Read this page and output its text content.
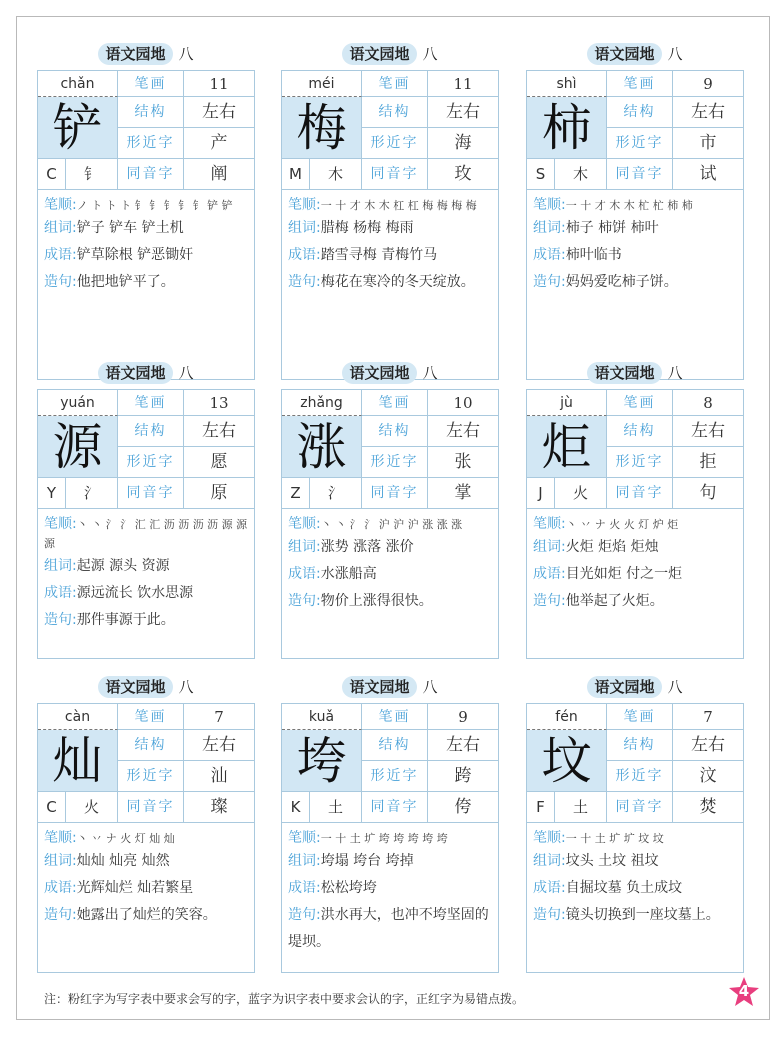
语文园地 八
chǎn
铲
C	钅
笔画	11
结构	左右
形近字	产
同音字	阐
笔顺:ノ ト ト ト 钅 钅 钅 钅 钅 铲 铲
组词:铲子 铲车 铲土机
成语:铲草除根 铲恶锄奸
造句:他把地铲平了。
语文园地 八
méi
梅
M	木
笔画	11
结构	左右
形近字	海
同音字	玫
笔顺:一 十 才 木 木 杠 杠 梅 梅 梅 梅
组词:腊梅 杨梅 梅雨
成语:踏雪寻梅 青梅竹马
造句:梅花在寒冷的冬天绽放。
语文园地 八
shì
柿
S	木
笔画	9
结构	左右
形近字	市
同音字	试
笔顺:一 十 才 木 木 杧 杧 柿 柿
组词:柿子 柿饼 柿叶
成语:柿叶临书
造句:妈妈爱吃柿子饼。
语文园地 八
yuán
源
Y	氵
笔画	13
结构	左右
形近字	愿
同音字	原
笔顺:丶 丶 氵 氵 汇 汇 沥 沥 沥 沥 源 源 源
组词:起源 源头 资源
成语:源远流长 饮水思源
造句:那件事源于此。
语文园地 八
zhǎng
涨
Z	氵
笔画	10
结构	左右
形近字	张
同音字	掌
笔顺:丶 丶 氵 氵 沪 沪 沪 涨 涨 涨
组词:涨势 涨落 涨价
成语:水涨船高
造句:物价上涨得很快。
语文园地 八
jù
炬
J	火
笔画	8
结构	左右
形近字	拒
同音字	句
笔顺:丶 丷 ナ 火 火 灯 炉 炬
组词:火炬 炬焰 炬烛
成语:目光如炬 付之一炬
造句:他举起了火炬。
语文园地 八
càn
灿
C	火
笔画	7
结构	左右
形近字	汕
同音字	璨
笔顺:丶 丷 ナ 火 灯 灿 灿
组词:灿灿 灿亮 灿然
成语:光辉灿烂 灿若繁星
造句:她露出了灿烂的笑容。
语文园地 八
kuǎ
垮
K	土
笔画	9
结构	左右
形近字	跨
同音字	侉
笔顺:一 十 土 圹 垮 垮 垮 垮 垮
组词:垮塌 垮台 垮掉
成语:松松垮垮
造句:洪水再大，也冲不垮坚固的堤坝。
语文园地 八
fén
坟
F	土
笔画	7
结构	左右
形近字	汶
同音字	焚
笔顺:一 十 土 圹 圹 坟 坟
组词:坟头 土坟 祖坟
成语:自掘坟墓 负土成坟
造句:镜头切换到一座坟墓上。
注：粉红字为写字表中要求会写的字，蓝字为识字表中要求会认的字，正红字为易错点拨。	4
